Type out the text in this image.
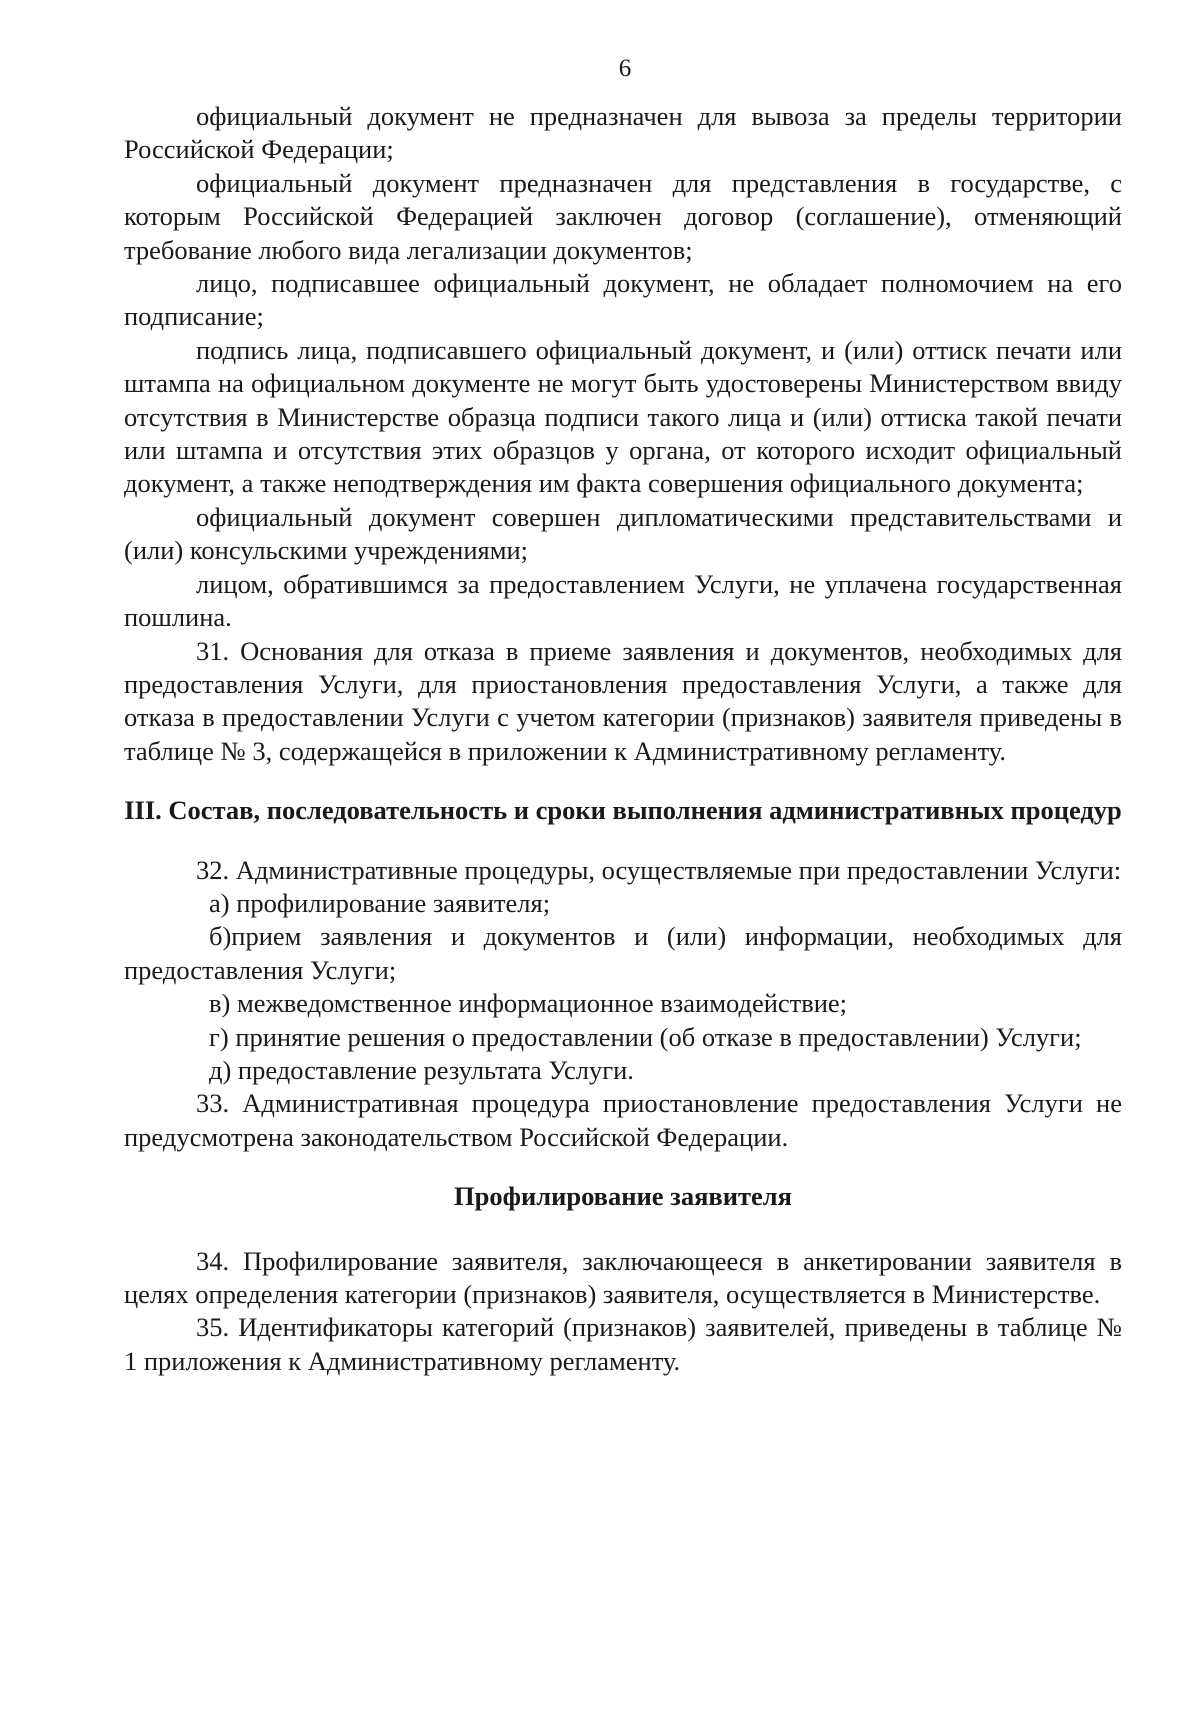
6

официальный документ не предназначен для вывоза за пределы территории Российской Федерации;

официальный документ предназначен для представления в государстве, с которым Российской Федерацией заключен договор (соглашение), отменяющий требование любого вида легализации документов;

лицо, подписавшее официальный документ, не обладает полномочием на его подписание;

подпись лица, подписавшего официальный документ, и (или) оттиск печати или штампа на официальном документе не могут быть удостоверены Министерством ввиду отсутствия в Министерстве образца подписи такого лица и (или) оттиска такой печати или штампа и отсутствия этих образцов у органа, от которого исходит официальный документ, а также неподтверждения им факта совершения официального документа;

официальный документ совершен дипломатическими представительствами и (или) консульскими учреждениями;

лицом, обратившимся за предоставлением Услуги, не уплачена государственная пошлина.

31. Основания для отказа в приеме заявления и документов, необходимых для предоставления Услуги, для приостановления предоставления Услуги, а также для отказа в предоставлении Услуги с учетом категории (признаков) заявителя приведены в таблице № 3, содержащейся в приложении к Административному регламенту.

III. Состав, последовательность и сроки выполнения административных процедур

32. Административные процедуры, осуществляемые при предоставлении Услуги:

а) профилирование заявителя;

б)прием заявления и документов и (или) информации, необходимых для предоставления Услуги;

в) межведомственное информационное взаимодействие;

г) принятие решения о предоставлении (об отказе в предоставлении) Услуги;

д) предоставление результата Услуги.

33. Административная процедура приостановление предоставления Услуги не предусмотрена законодательством Российской Федерации.

Профилирование заявителя

34. Профилирование заявителя, заключающееся в анкетировании заявителя в целях определения категории (признаков) заявителя, осуществляется в Министерстве.

35. Идентификаторы категорий (признаков) заявителей, приведены в таблице № 1 приложения к Административному регламенту.
